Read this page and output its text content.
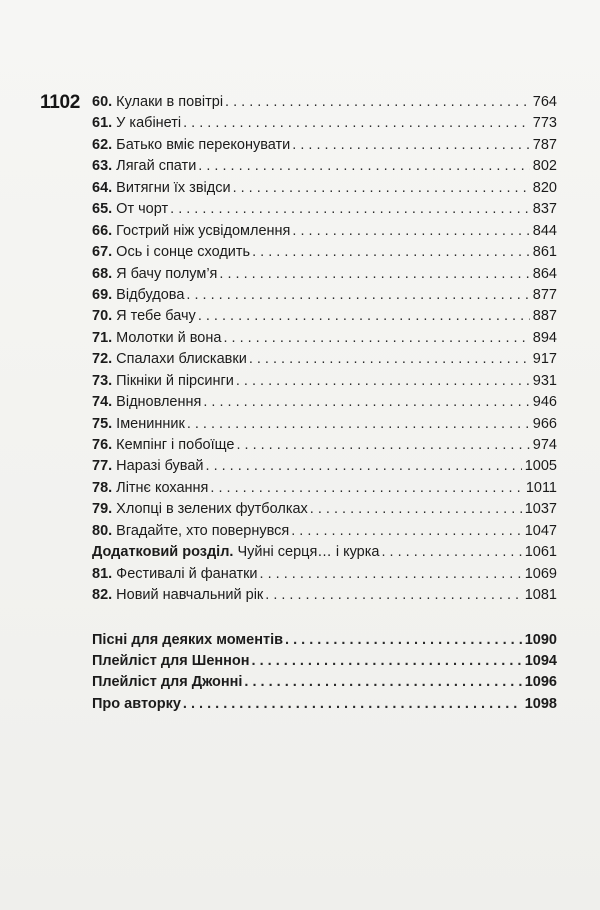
1102 60. Кулаки в повітрі . . .	764
61. У кабінеті . . .	773
62. Батько вміє переконувати . . .	787
63. Лягай спати . . .	802
64. Витягни їх звідси . . .	820
65. От чорт . . .	837
66. Гострий ніж усвідомлення . . .	844
67. Ось і сонце сходить . . .	861
68. Я бачу полум’я . . .	864
69. Відбудова . . .	877
70. Я тебе бачу . . .	887
71. Молотки й вона . . .	894
72. Спалахи блискавки . . .	917
73. Пікніки й пірсинги . . .	931
74. Відновлення . . .	946
75. Іменинник . . .	966
76. Кемпінг і побоїще . . .	974
77. Наразі бувай . . .	1005
78. Літнє кохання . . .	1011
79. Хлопці в зелених футболках . . .	1037
80. Вгадайте, хто повернувся . . .	1047
Додатковий розділ. Чуйні серця… і курка . . .	1061
81. Фестивалі й фанатки . . .	1069
82. Новий навчальний рік . . .	1081
Пісні для деяких моментів . . .	1090
Плейліст для Шеннон . . .	1094
Плейліст для Джонні . . .	1096
Про авторку . . .	1098
